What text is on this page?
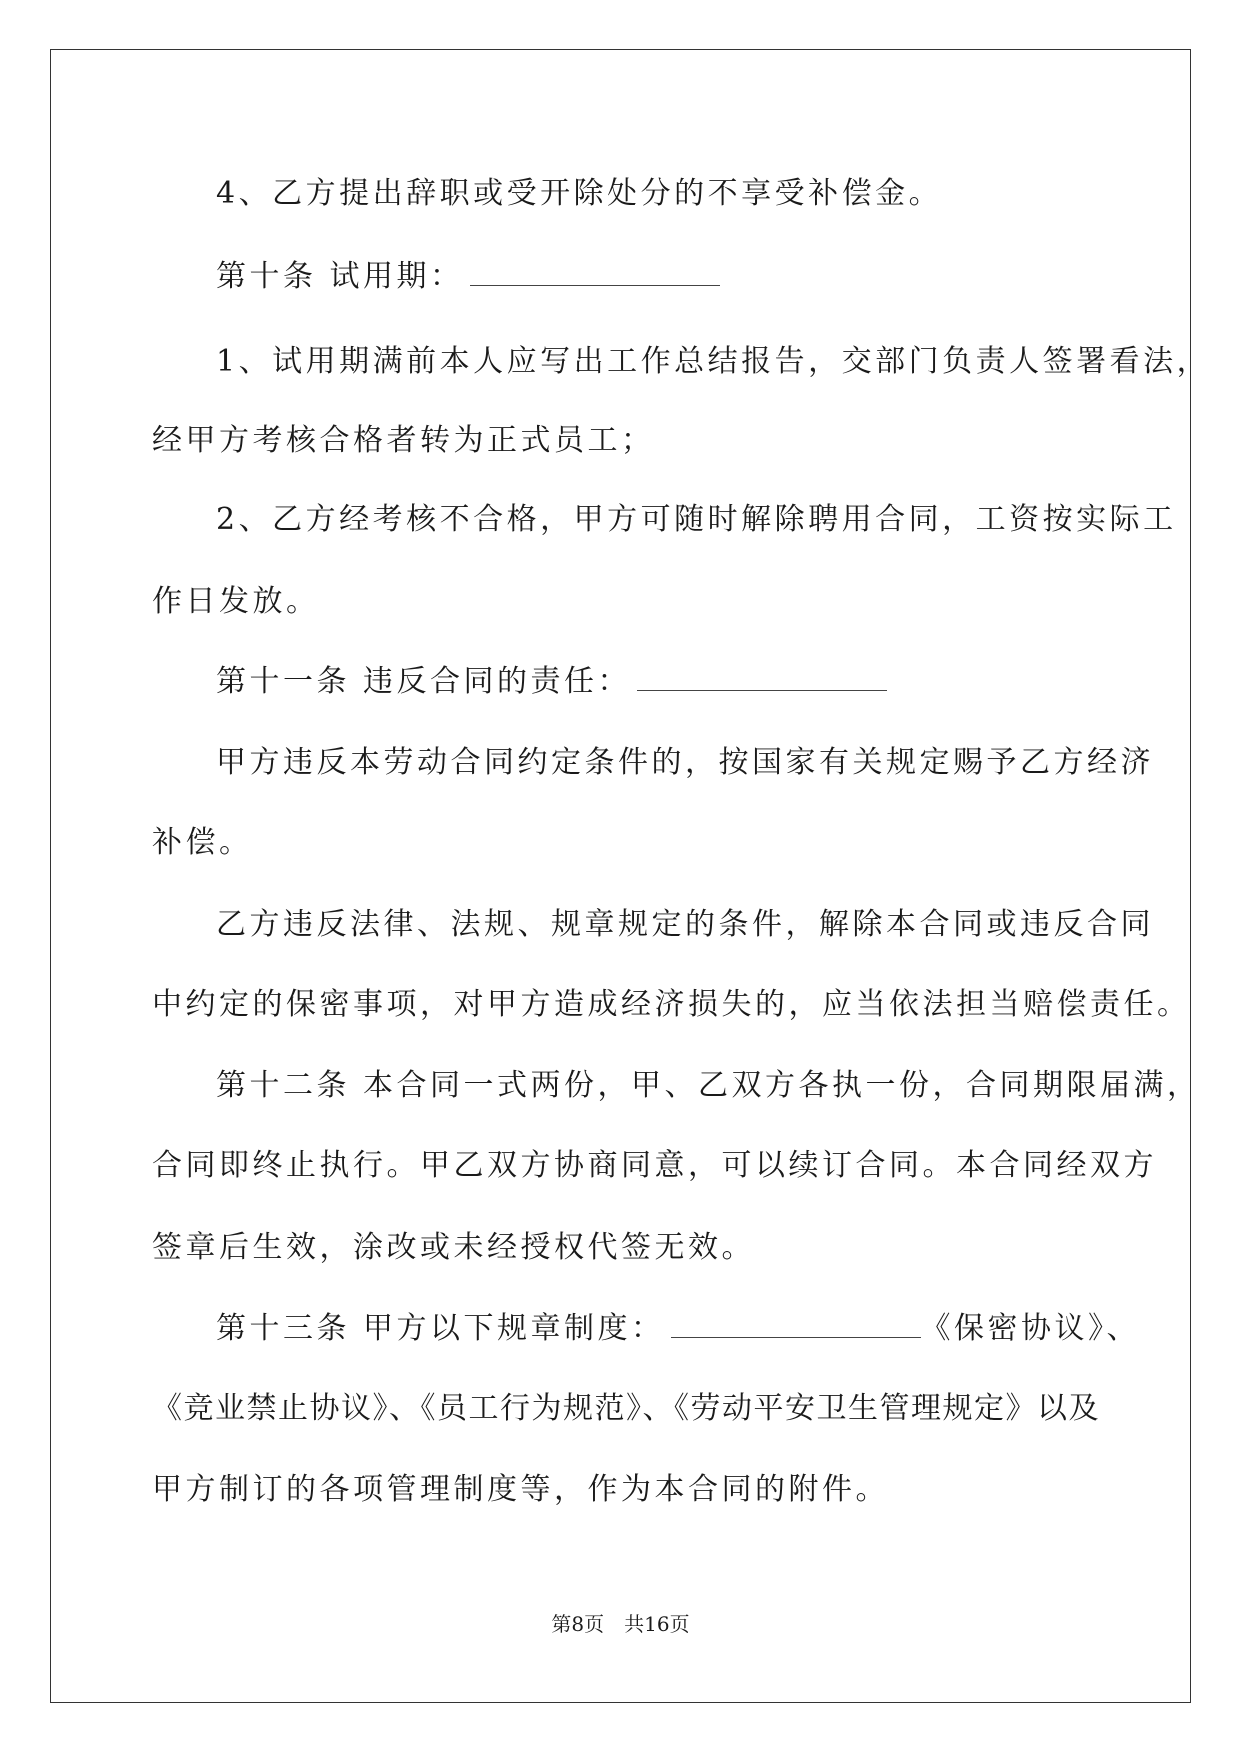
4、乙方提出辞职或受开除处分的不享受补偿金。
第十条 试用期：
1、试用期满前本人应写出工作总结报告，交部门负责人签署看法，
经甲方考核合格者转为正式员工；
2、乙方经考核不合格，甲方可随时解除聘用合同，工资按实际工
作日发放。
第十一条 违反合同的责任：
甲方违反本劳动合同约定条件的，按国家有关规定赐予乙方经济
补偿。
乙方违反法律、法规、规章规定的条件，解除本合同或违反合同
中约定的保密事项，对甲方造成经济损失的，应当依法担当赔偿责任。
第十二条 本合同一式两份，甲、乙双方各执一份，合同期限届满，
合同即终止执行。甲乙双方协商同意，可以续订合同。本合同经双方
签章后生效，涂改或未经授权代签无效。
第十三条 甲方以下规章制度：	《保密协议》、
《竞业禁止协议》、《员工行为规范》、《劳动平安卫生管理规定》以及
甲方制订的各项管理制度等，作为本合同的附件。
第8页　共16页
